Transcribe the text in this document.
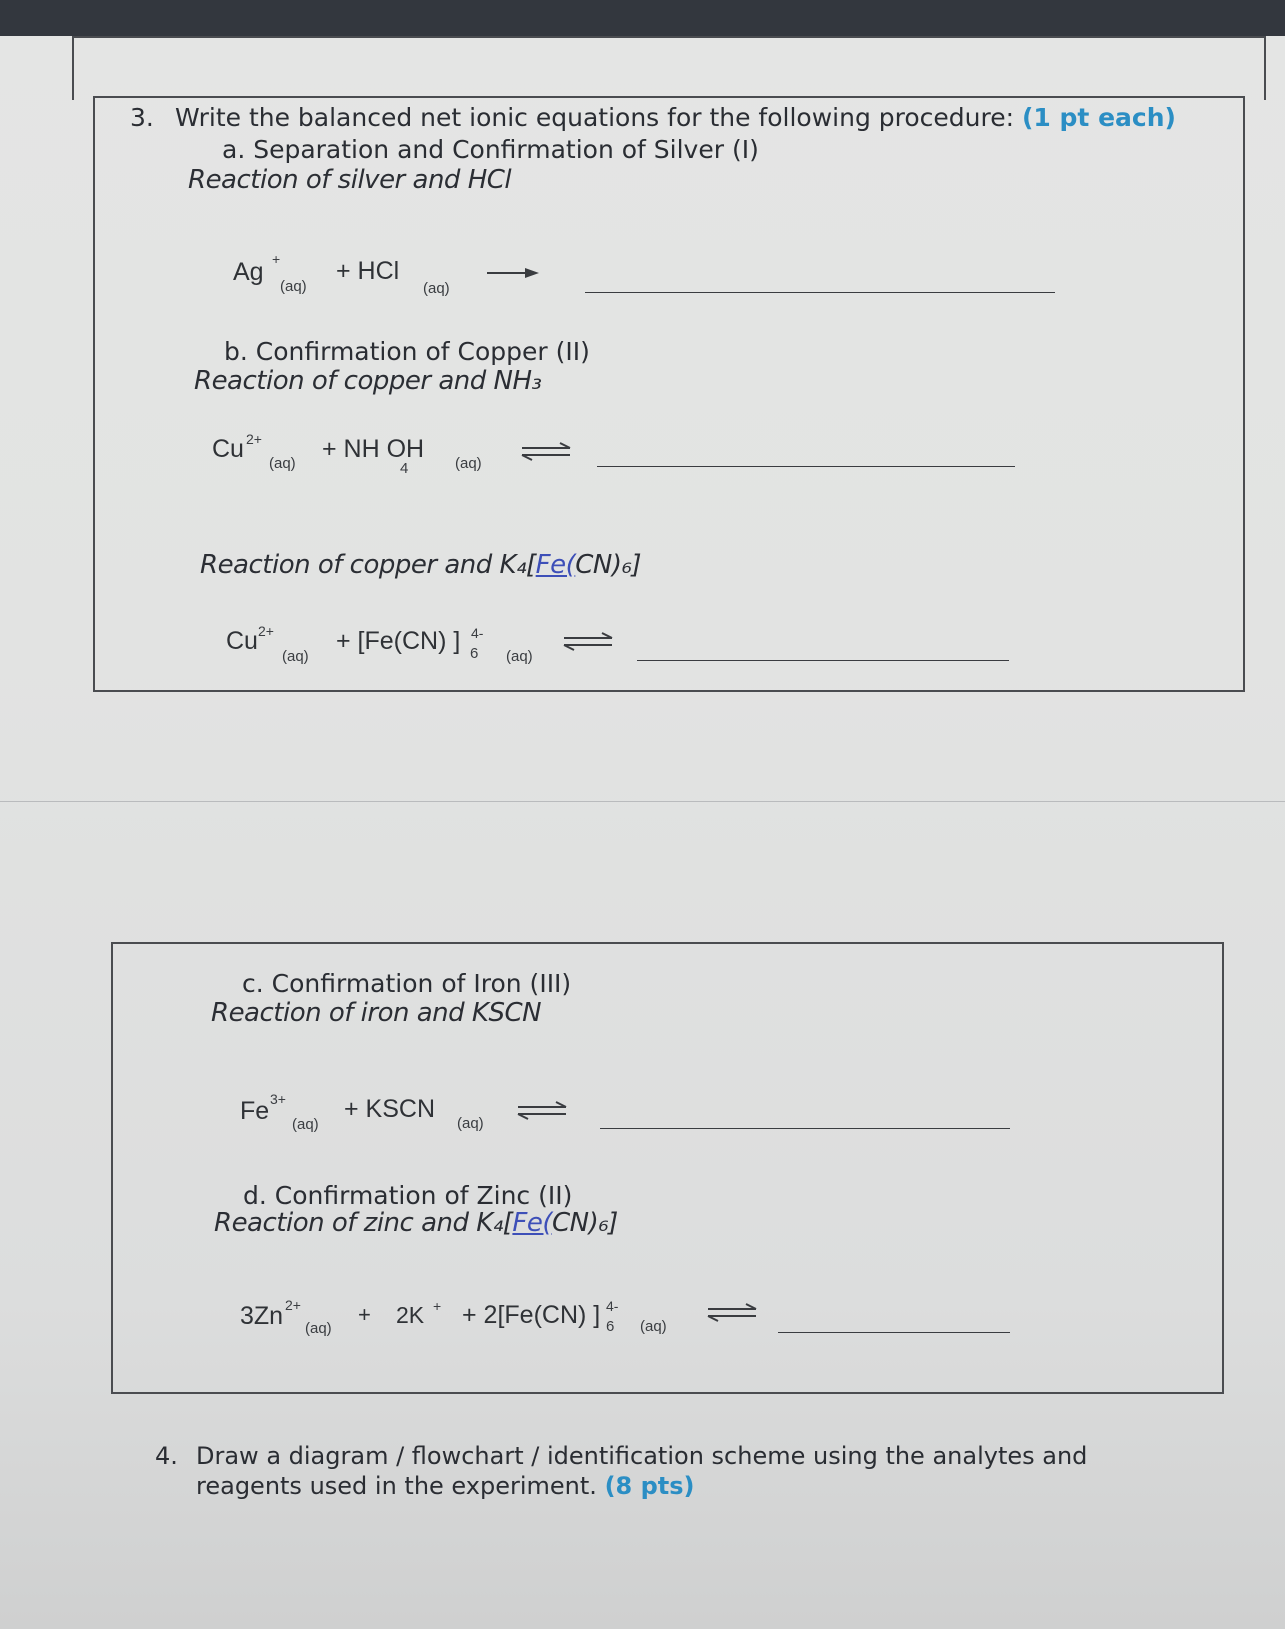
3. Write the balanced net ionic equations for the following procedure: (1 pt each)
a. Separation and Confirmation of Silver (I)
Reaction of silver and HCl
Ag +
(aq)
+ HCl
(aq)
b. Confirmation of Copper (II)
Reaction of copper and NH₃
Cu 2+
(aq)
+ NH OH
4	(aq)
Reaction of copper and K₄[Fe(CN)₆]
Cu 2+
(aq)
+ [Fe(CN) ] 4-
6 (aq)
c. Confirmation of Iron (III)
Reaction of iron and KSCN
Fe 3+
(aq)
+ KSCN
(aq)
d. Confirmation of Zinc (II)
Reaction of zinc and K₄[Fe(CN)₆]
3Zn 2+
(aq)
+ 2K + + 2[Fe(CN) ] 4-
6 (aq)
4. Draw a diagram / flowchart / identification scheme using the analytes and
reagents used in the experiment. (8 pts)
